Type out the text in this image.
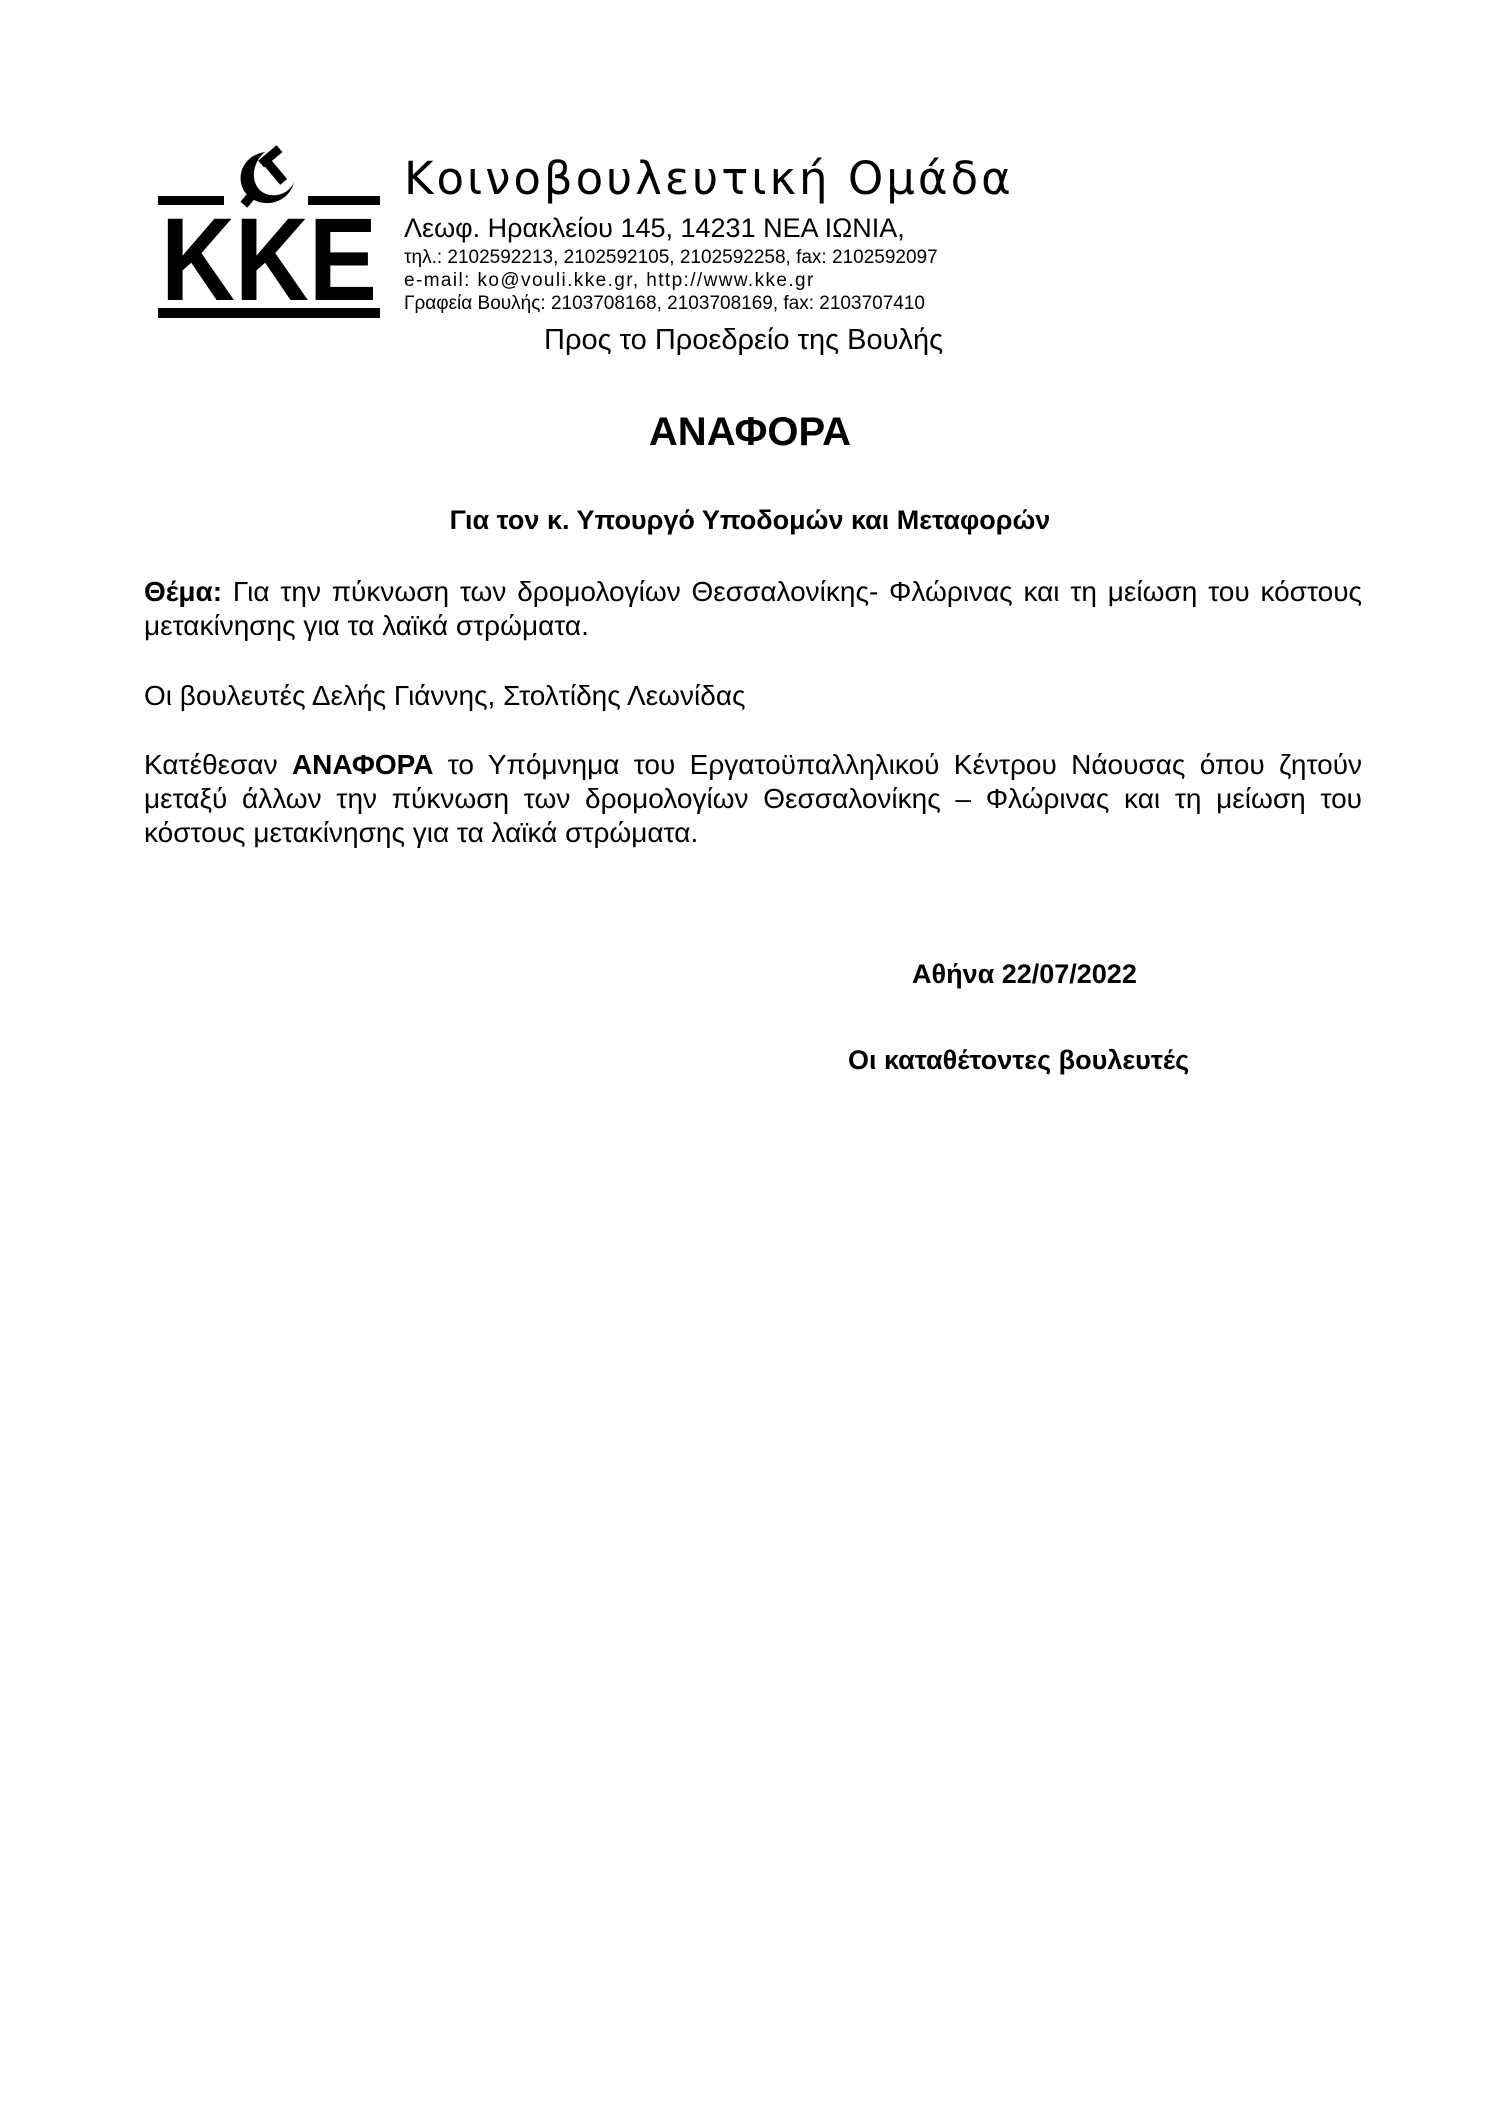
KKE
Κοινοβουλευτική Ομάδα
Λεωφ. Ηρακλείου 145, 14231 ΝΕΑ ΙΩΝΙΑ,
τηλ.: 2102592213, 2102592105, 2102592258, fax: 2102592097
e-mail: ko@vouli.kke.gr, http://www.kke.gr
Γραφεία Βουλής: 2103708168, 2103708169, fax: 2103707410
Προς το Προεδρείο της Βουλής
ΑΝΑΦΟΡΑ
Για τον κ. Υπουργό Υποδομών και Μεταφορών
Θέμα: Για την πύκνωση των δρομολογίων Θεσσαλονίκης- Φλώρινας και τη μείωση του κόστους μετακίνησης για τα λαϊκά στρώματα.
Οι βουλευτές Δελής Γιάννης, Στολτίδης Λεωνίδας
Κατέθεσαν ΑΝΑΦΟΡΑ το Υπόμνημα του Εργατοϋπαλληλικού Κέντρου Νάουσας όπου ζητούν μεταξύ άλλων την πύκνωση των δρομολογίων Θεσσαλονίκης – Φλώρινας και τη μείωση του κόστους μετακίνησης για τα λαϊκά στρώματα.
Αθήνα 22/07/2022
Οι καταθέτοντες βουλευτές
